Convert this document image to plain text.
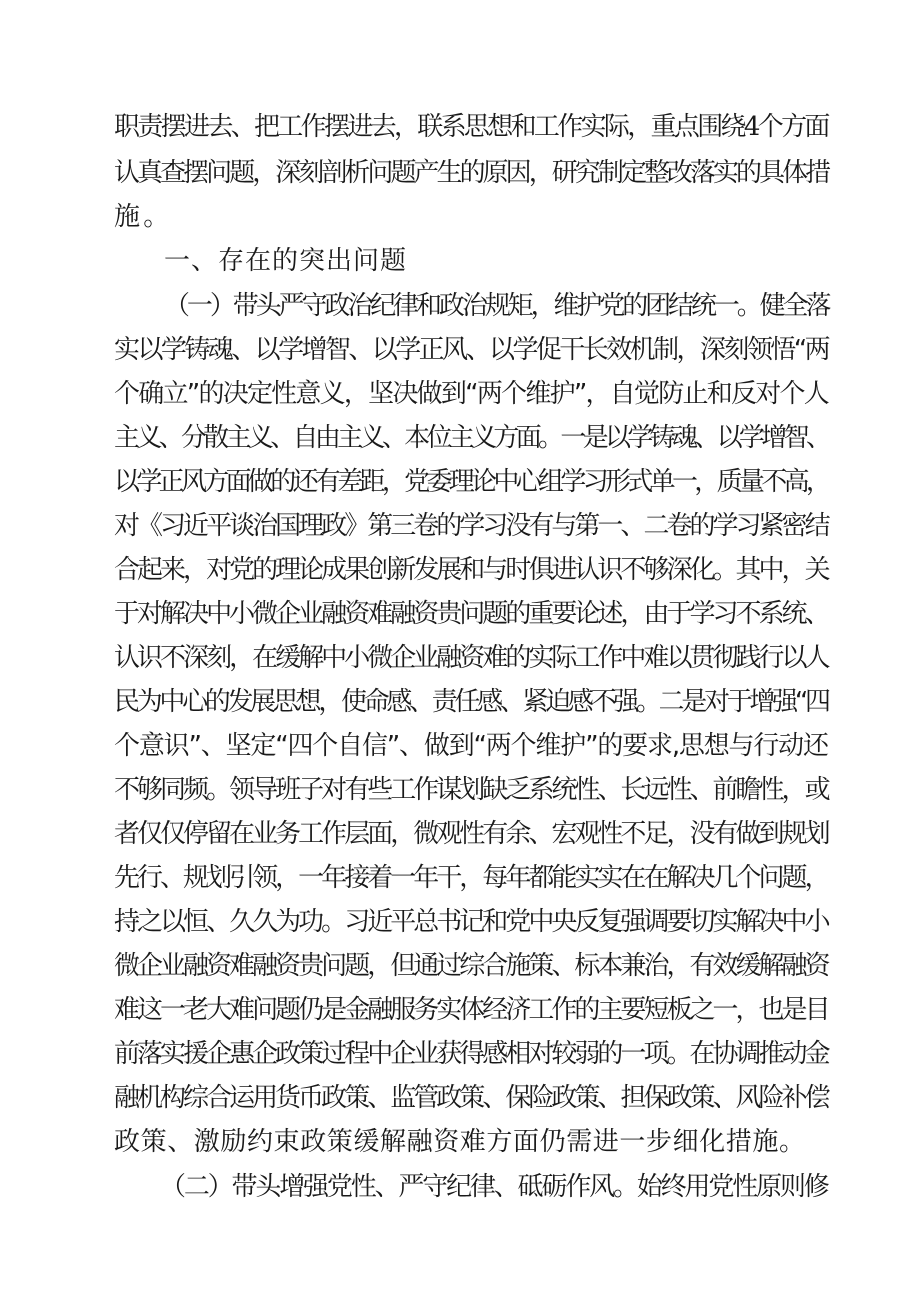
职责摆进去、把工作摆进去，联系思想和工作实际，重点围绕4个方面

认真查摆问题，深刻剖析问题产生的原因，研究制定整改落实的具体措

施。

一、存在的突出问题

（一）带头严守政治纪律和政治规矩，维护党的团结统一。健全落

实以学铸魂、以学增智、以学正风、以学促干长效机制，深刻领悟“两

个确立”的决定性意义，坚决做到“两个维护”，自觉防止和反对个人

主义、分散主义、自由主义、本位主义方面。一是以学铸魂、以学增智、

以学正风方面做的还有差距，党委理论中心组学习形式单一，质量不高，

对《习近平谈治国理政》第三卷的学习没有与第一、二卷的学习紧密结

合起来，对党的理论成果创新发展和与时俱进认识不够深化。其中，关

于对解决中小微企业融资难融资贵问题的重要论述，由于学习不系统、

认识不深刻，在缓解中小微企业融资难的实际工作中难以贯彻践行以人

民为中心的发展思想，使命感、责任感、紧迫感不强。二是对于增强“四

个意识”、坚定“四个自信”、做到“两个维护”的要求,思想与行动还

不够同频。领导班子对有些工作谋划缺乏系统性、长远性、前瞻性，或

者仅仅停留在业务工作层面，微观性有余、宏观性不足，没有做到规划

先行、规划引领，一年接着一年干，每年都能实实在在解决几个问题，

持之以恒、久久为功。习近平总书记和党中央反复强调要切实解决中小

微企业融资难融资贵问题，但通过综合施策、标本兼治，有效缓解融资

难这一老大难问题仍是金融服务实体经济工作的主要短板之一，也是目

前落实援企惠企政策过程中企业获得感相对较弱的一项。在协调推动金

融机构综合运用货币政策、监管政策、保险政策、担保政策、风险补偿

政策、激励约束政策缓解融资难方面仍需进一步细化措施。

（二）带头增强党性、严守纪律、砥砺作风。始终用党性原则修
